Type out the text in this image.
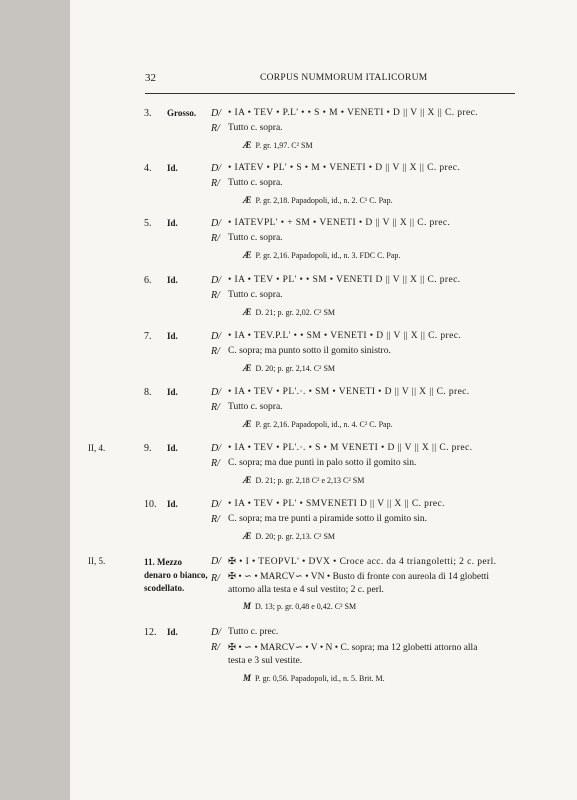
32	CORPUS NUMMORUM ITALICORUM
3. Grosso. D/ • IA • TEV • P.L' • • S • M • VENETI • D || V || X || C. prec.
R/ Tutto c. sopra.
Æ P. gr. 1,97. C² SM
4. Id.	D/ • IATEV • PL' • S • M • VENETI • D || V || X || C. prec.
R/ Tutto c. sopra.
Æ P. gr. 2,18. Papadopoli, id., n. 2. C¹ C. Pap.
5. Id.	D/ • IATEVPL' • + SM • VENETI • D || V || X || C. prec.
R/ Tutto c. sopra.
Æ P. gr. 2,16. Papadopoli, id., n. 3. FDC C. Pap.
6. Id.	D/ • IA • TEV • PL' • • SM • VENETI D || V || X || C. prec.
R/ Tutto c. sopra.
Æ D. 21; p. gr. 2,02. C² SM
7. Id.	D/ • IA • TEV.P.L' • • SM • VENETI • D || V || X || C. prec.
R/ C. sopra; ma punto sotto il gomito sinistro.
Æ D. 20; p. gr. 2,14. C² SM
8. Id.	D/ • IA • TEV • PL'.·. • SM • VENETI • D || V || X || C. prec.
R/ Tutto c. sopra.
Æ P. gr. 2,16. Papadopoli, id., n. 4. C² C. Pap.
II, 4.	9. Id.	D/ • IA • TEV • PL'.·. • S • M VENETI • D || V || X || C. prec.
R/ C. sopra; ma due punti in palo sotto il gomito sin.
Æ D. 21; p. gr. 2,18 C² e 2,13 C² SM
10. Id.	D/ • IA • TEV • PL' • SMVENETI D || V || X || C. prec.
R/ C. sopra; ma tre punti a piramide sotto il gomito sin.
Æ D. 20; p. gr. 2,13. C² SM
II, 5.	11. Mezzo denaro o bianco, scodellato.
D/ ✠ • I • TEOPVL' • DVX • Croce acc. da 4 triangoletti; 2 c. perl.
R/ ✠ • ∽ • MARCV∽ • VN • Busto di fronte con aureola di 14 globetti
attorno alla testa e 4 sul vestito; 2 c. perl.
M D. 13; p. gr. 0,48 e 0,42. C² SM
12. Id.	D/ Tutto c. prec.
R/ ✠ • ∽ • MARCV∽ • V • N • C. sopra; ma 12 globetti attorno alla
testa e 3 sul vestite.
M P. gr. 0,56. Papadopoli, id., n. 5. Brit. M.
